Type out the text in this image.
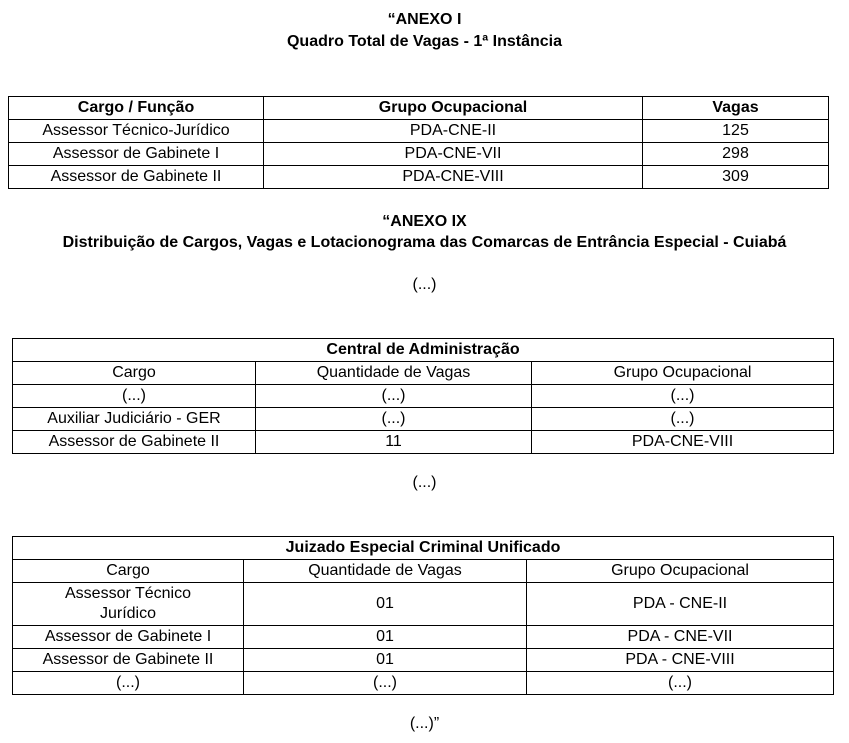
“ANEXO I
Quadro Total de Vagas - 1ª Instância
Cargo / Função	Grupo Ocupacional	Vagas
Assessor Técnico-Jurídico	PDA-CNE-II	125
Assessor de Gabinete I	PDA-CNE-VII	298
Assessor de Gabinete II	PDA-CNE-VIII	309
“ANEXO IX
Distribuição de Cargos, Vagas e Lotacionograma das Comarcas de Entrância Especial - Cuiabá
(...)
Central de Administração		
Cargo	Quantidade de Vagas	Grupo Ocupacional
(...)	(...)	(...)
Auxiliar Judiciário - GER	(...)	(...)
Assessor de Gabinete II	11	PDA-CNE-VIII
(...)
Juizado Especial Criminal Unificado		
Cargo	Quantidade de Vagas	Grupo Ocupacional
Assessor Técnico Jurídico	01	PDA - CNE-II
Assessor de Gabinete I	01	PDA - CNE-VII
Assessor de Gabinete II	01	PDA - CNE-VIII
(...)	(...)	(...)
(...)”
